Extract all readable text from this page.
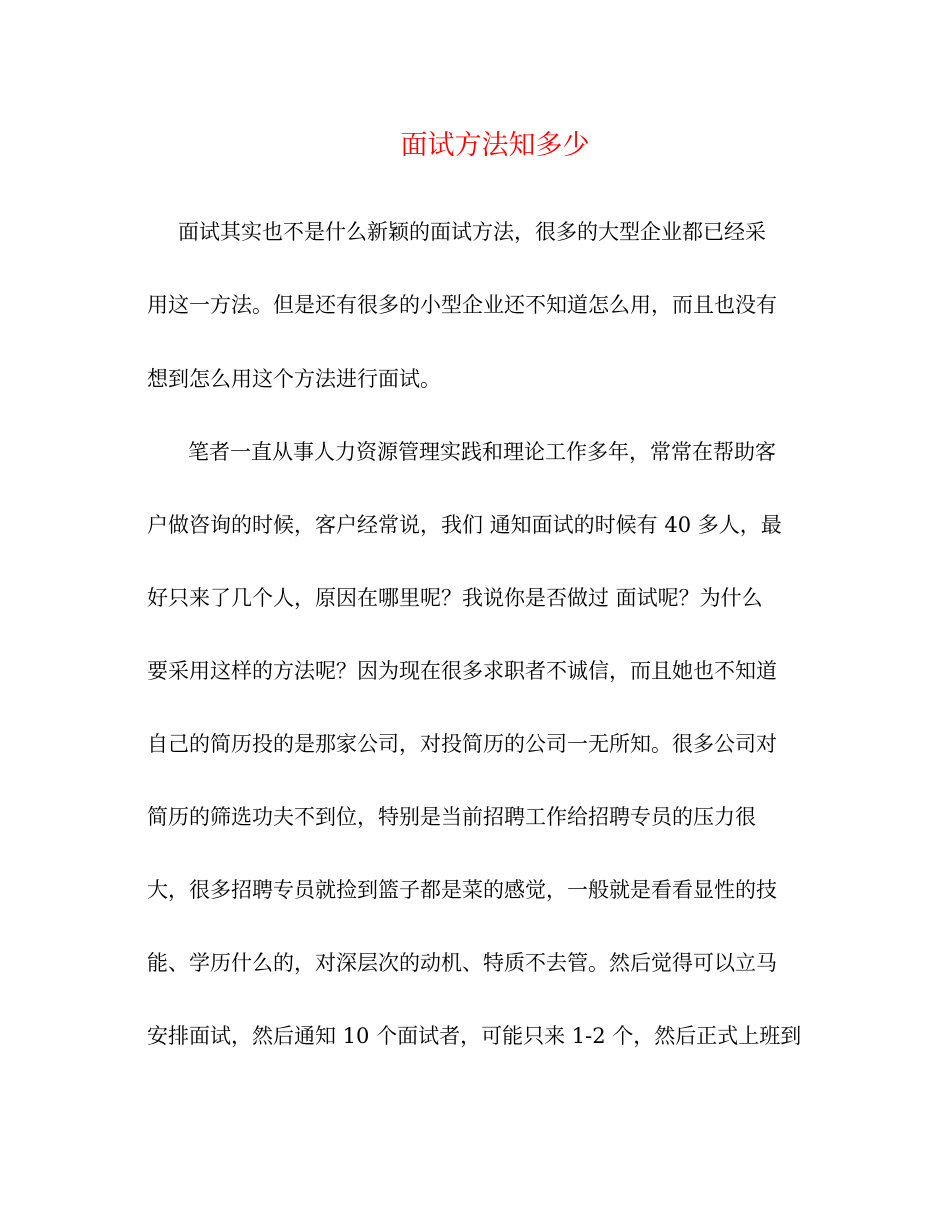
面试方法知多少
面试其实也不是什么新颖的面试方法，很多的大型企业都已经采
用这一方法。但是还有很多的小型企业还不知道怎么用，而且也没有
想到怎么用这个方法进行面试。
笔者一直从事人力资源管理实践和理论工作多年，常常在帮助客
户做咨询的时候，客户经常说，我们 通知面试的时候有 40 多人，最
好只来了几个人，原因在哪里呢？我说你是否做过 面试呢？为什么
要采用这样的方法呢？因为现在很多求职者不诚信，而且她也不知道
自己的简历投的是那家公司，对投简历的公司一无所知。很多公司对
简历的筛选功夫不到位，特别是当前招聘工作给招聘专员的压力很
大，很多招聘专员就捡到篮子都是菜的感觉，一般就是看看显性的技
能、学历什么的，对深层次的动机、特质不去管。然后觉得可以立马
安排面试，然后通知 10 个面试者，可能只来 1-2 个，然后正式上班到
